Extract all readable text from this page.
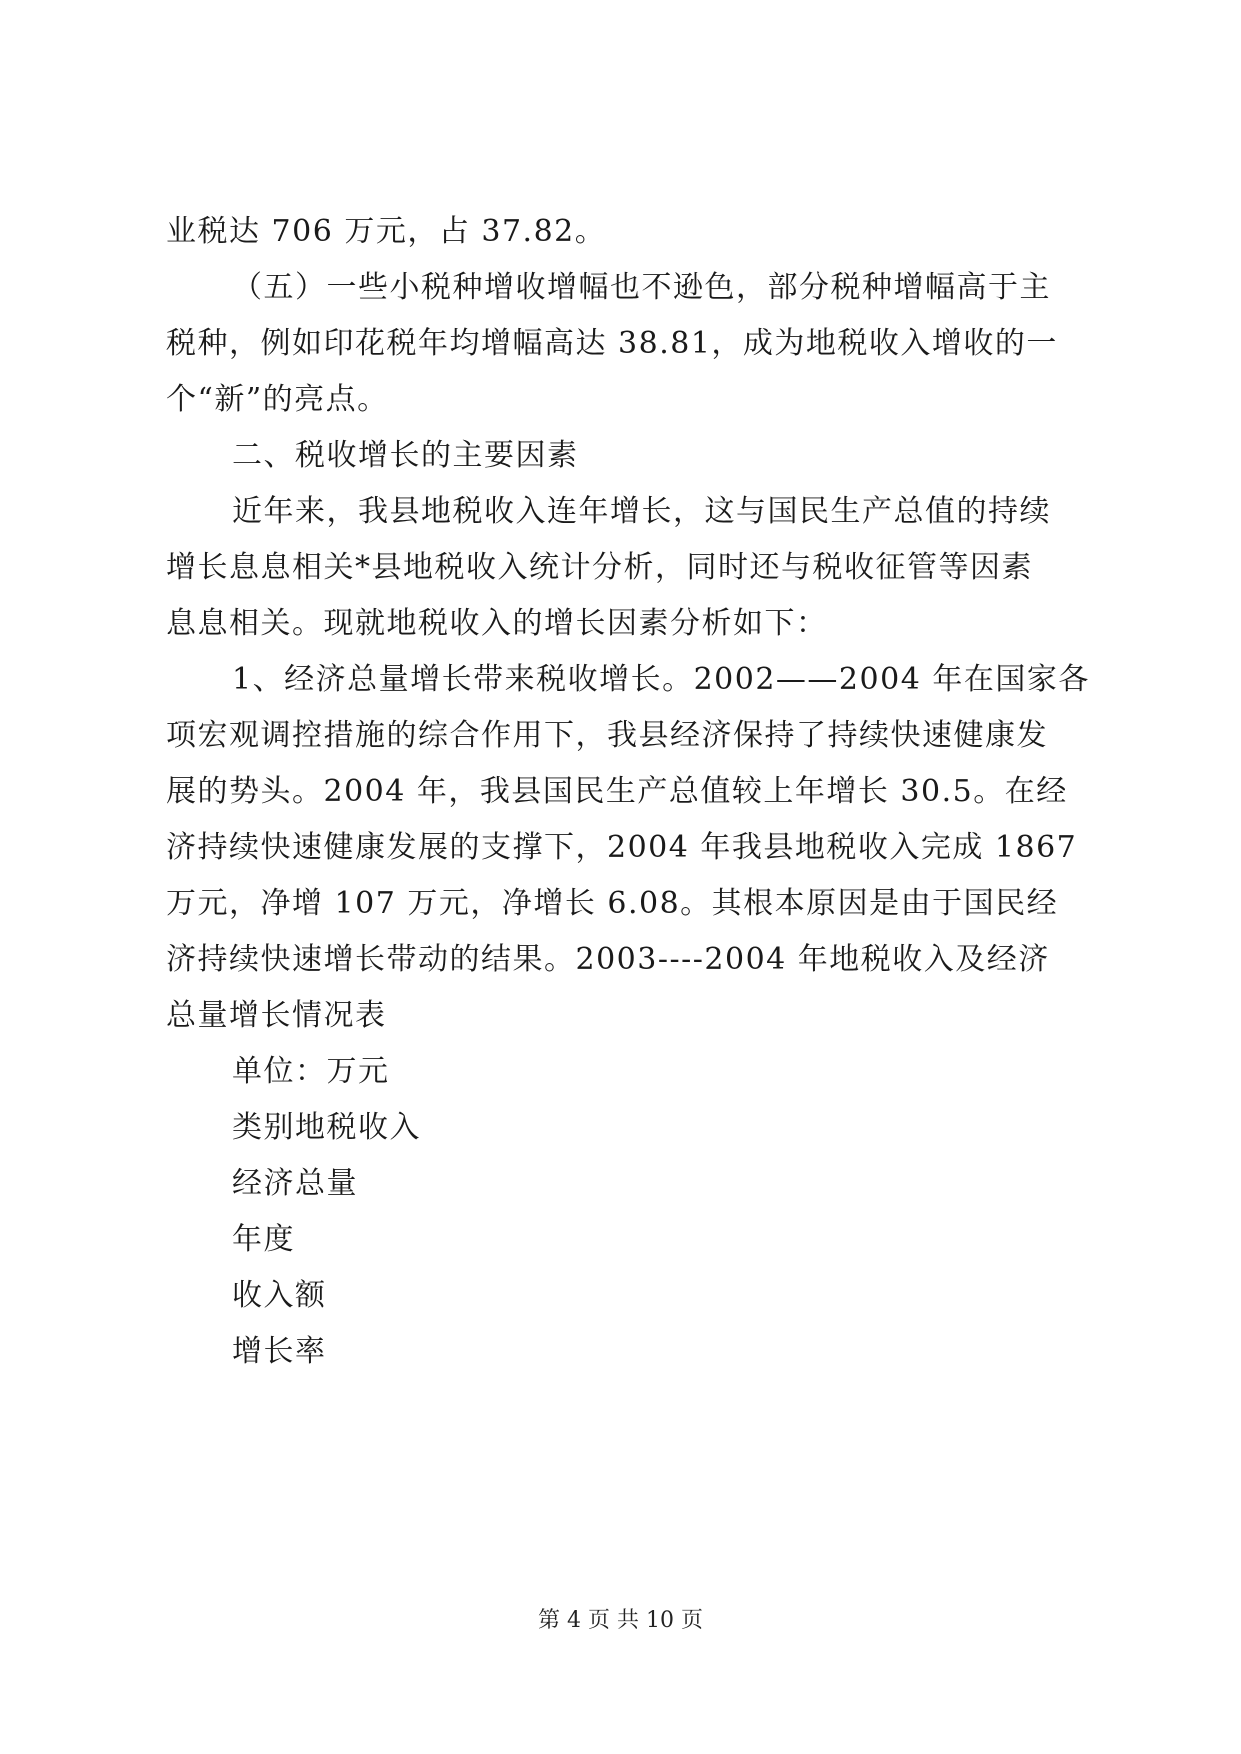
业税达 706 万元，占 37.82。
（五）一些小税种增收增幅也不逊色，部分税种增幅高于主
税种，例如印花税年均增幅高达 38.81，成为地税收入增收的一
个“新”的亮点。
二、税收增长的主要因素
近年来，我县地税收入连年增长，这与国民生产总值的持续
增长息息相关*县地税收入统计分析，同时还与税收征管等因素
息息相关。现就地税收入的增长因素分析如下：
1、经济总量增长带来税收增长。2002——2004 年在国家各
项宏观调控措施的综合作用下，我县经济保持了持续快速健康发
展的势头。2004 年，我县国民生产总值较上年增长 30.5。在经
济持续快速健康发展的支撑下，2004 年我县地税收入完成 1867
万元，净增 107 万元，净增长 6.08。其根本原因是由于国民经
济持续快速增长带动的结果。2003----2004 年地税收入及经济
总量增长情况表
单位：万元
类别地税收入
经济总量
年度
收入额
增长率
第 4 页 共 10 页
